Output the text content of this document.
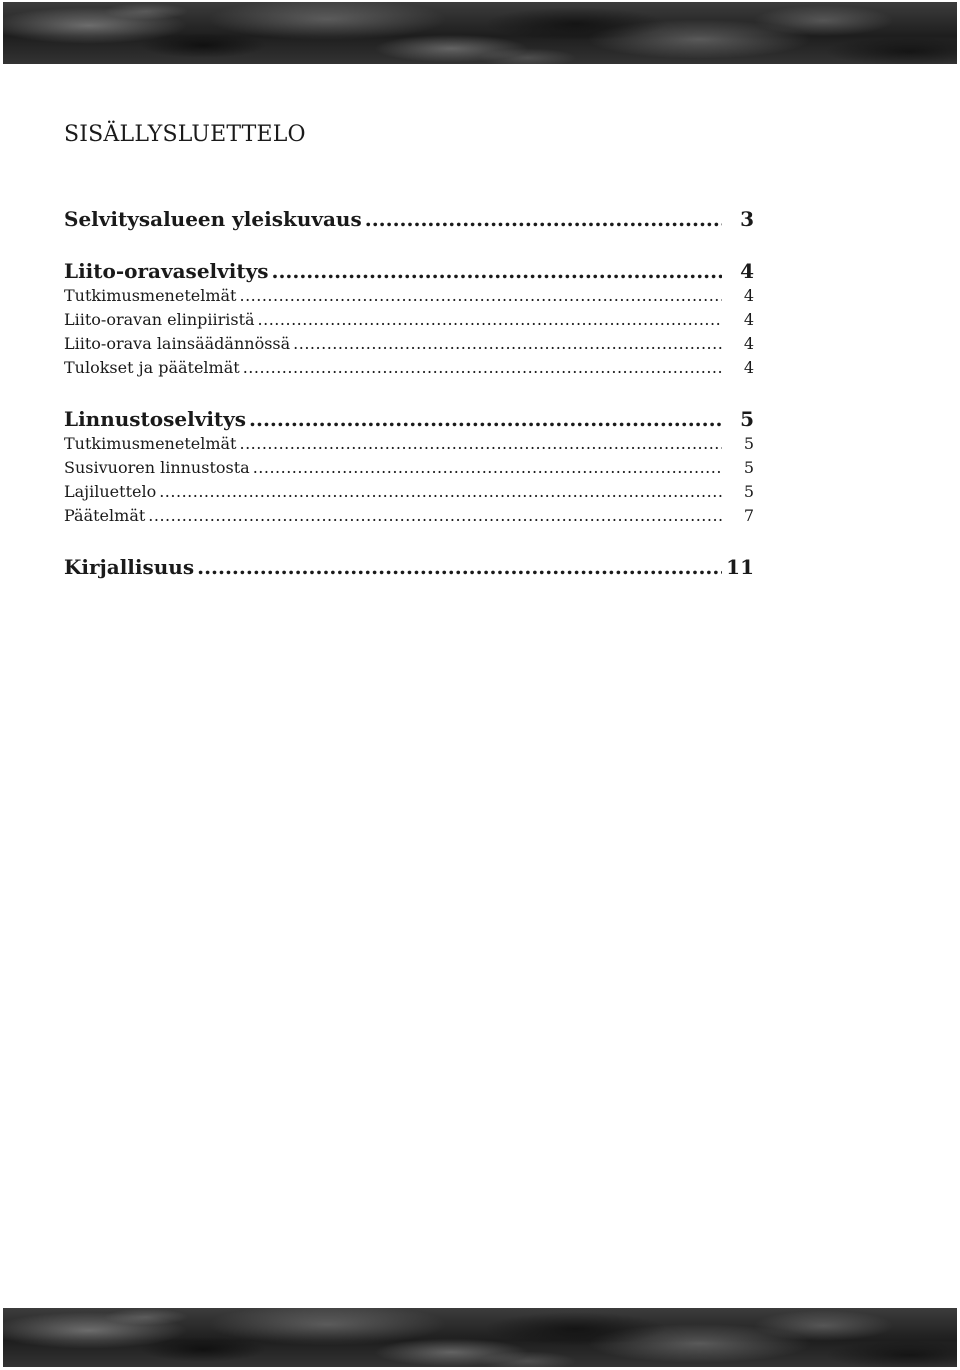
SISÄLLYSLUETTELO
Selvitysalueen yleiskuvaus .....	3
Liito-oravaselvitys .....	4
Tutkimusmenetelmät .....	4
Liito-oravan elinpiiristä .....	4
Liito-orava lainsäädännössä .....	4
Tulokset ja päätelmät .....	4
Linnustoselvitys .....	5
Tutkimusmenetelmät .....	5
Susivuoren linnustosta .....	5
Lajiluettelo .....	5
Päätelmät .....	7
Kirjallisuus .....	11
